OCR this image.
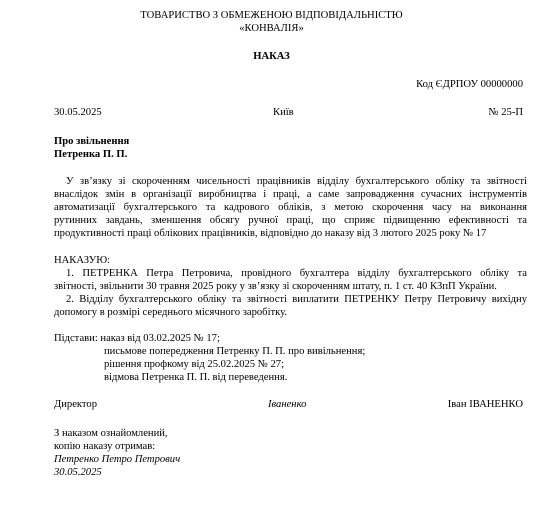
ТОВАРИСТВО З ОБМЕЖЕНОЮ ВІДПОВІДАЛЬНІСТЮ
«КОНВАЛІЯ»
НАКАЗ
Код ЄДРПОУ 00000000
30.05.2025	Київ	№ 25-П
Про звільнення
Петренка П. П.
У зв’язку зі скороченням чисельності працівників відділу бухгалтерського обліку та звітності
внаслідок змін в організації виробництва і праці, а саме запровадження сучасних інструментів
автоматизації бухгалтерського та кадрового обліків, з метою скорочення часу на виконання
рутинних завдань, зменшення обсягу ручної праці, що сприяє підвищенню ефективності та
продуктивності праці облікових працівників, відповідно до наказу від 3 лютого 2025 року № 17
НАКАЗУЮ:
1. ПЕТРЕНКА Петра Петровича, провідного бухгалтера відділу бухгалтерського обліку та
звітності, звільнити 30 травня 2025 року у зв’язку зі скороченням штату, п. 1 ст. 40 КЗпП України.
2. Відділу бухгалтерського обліку та звітності виплатити ПЕТРЕНКУ Петру Петровичу вихідну
допомогу в розмірі середнього місячного заробітку.
Підстави: наказ від 03.02.2025 № 17;
письмове попередження Петренку П. П. про вивільнення;
рішення профкому від 25.02.2025 № 27;
відмова Петренка П. П. від переведення.
Директор	Іваненко	Іван ІВАНЕНКО
З наказом ознайомлений,
копію наказу отримав:
Петренко Петро Петрович
30.05.2025
